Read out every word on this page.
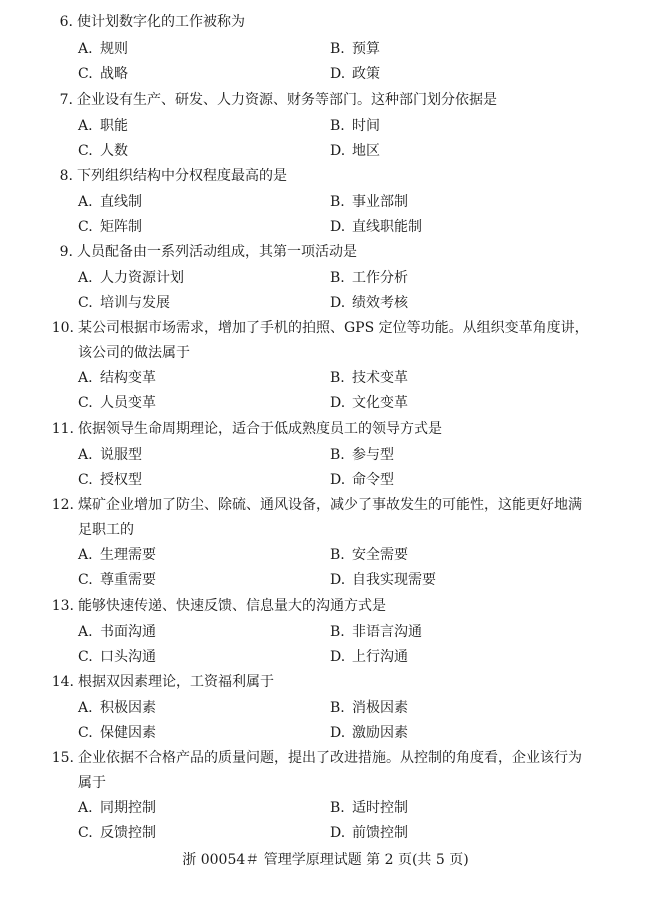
6. 使计划数字化的工作被称为
A. 规则	B. 预算
C. 战略	D. 政策
7. 企业设有生产、研发、人力资源、财务等部门。这种部门划分依据是
A. 职能	B. 时间
C. 人数	D. 地区
8. 下列组织结构中分权程度最高的是
A. 直线制	B. 事业部制
C. 矩阵制	D. 直线职能制
9. 人员配备由一系列活动组成，其第一项活动是
A. 人力资源计划	B. 工作分析
C. 培训与发展	D. 绩效考核
10. 某公司根据市场需求，增加了手机的拍照、GPS 定位等功能。从组织变革角度讲，
该公司的做法属于
A. 结构变革	B. 技术变革
C. 人员变革	D. 文化变革
11. 依据领导生命周期理论，适合于低成熟度员工的领导方式是
A. 说服型	B. 参与型
C. 授权型	D. 命令型
12. 煤矿企业增加了防尘、除硫、通风设备，减少了事故发生的可能性，这能更好地满
足职工的
A. 生理需要	B. 安全需要
C. 尊重需要	D. 自我实现需要
13. 能够快速传递、快速反馈、信息量大的沟通方式是
A. 书面沟通	B. 非语言沟通
C. 口头沟通	D. 上行沟通
14. 根据双因素理论，工资福利属于
A. 积极因素	B. 消极因素
C. 保健因素	D. 激励因素
15. 企业依据不合格产品的质量问题，提出了改进措施。从控制的角度看，企业该行为
属于
A. 同期控制	B. 适时控制
C. 反馈控制	D. 前馈控制
浙 00054＃ 管理学原理试题 第 2 页(共 5 页)
